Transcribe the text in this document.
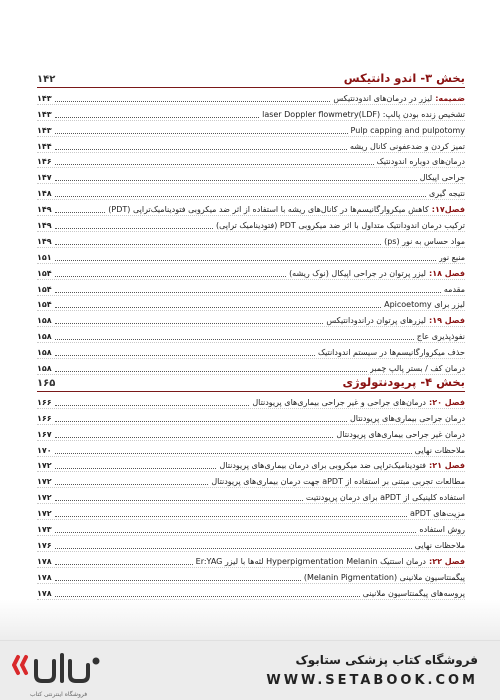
بخش ۳- اندو دانتیکس
۱۴۲
ضمیمه:
لیزر در درمان‌های اندودنتیکس
۱۴۳
تشخیص زنده بودن پالپ: (laser Doppler flowmetry(LDF
۱۴۳
Pulp capping and pulpotomy
۱۴۳
تمیز کردن و ضدعفونی کانال ریشه
۱۴۴
درمان‌های دوباره اندودنتیک
۱۴۶
جراحی اپیکال
۱۴۷
نتیجه گیری
۱۴۸
فصل۱۷:
کاهش میکروارگانیسم‌ها در کانال‌های ریشه با استفاده از اثر ضد میکروبی فتودینامیک‌تراپی (PDT)
۱۴۹
ترکیب درمان اندودانتیک متداول با اثر ضد میکروبی PDT (فتودینامیک تراپی)
۱۴۹
مواد حساس به نور (ps)
۱۴۹
منبع نور
۱۵۱
فصل ۱۸:
لیزر پرتوان در جراحی اپیکال (نوک ریشه)
۱۵۴
مقدمه
۱۵۴
لیزر برای Apicoetomy
۱۵۴
فصل ۱۹:
لیزرهای پرتوان دراندودانتیکس
۱۵۸
نفوذپذیری عاج
۱۵۸
حذف میکروارگانیسم‌ها در سیستم اندودانتیک
۱۵۸
درمان کف / بستر پالپ چمبر
۱۵۸
بخش ۴- پریودنتولوژی
۱۶۵
فصل ۲۰:
درمان‌های جراحی و غیر جراحی بیماری‌های پریودنتال
۱۶۶
درمان جراحی بیماری‌های پریودنتال
۱۶۶
درمان غیر جراحی بیماری‌های پریودنتال
۱۶۷
ملاحظات نهایی
۱۷۰
فصل ۲۱:
فتودینامیک‌تراپی ضد میکروبی برای درمان بیماری‌های پریودنتال
۱۷۲
مطالعات تجربی مبتنی بر استفاده از aPDT جهت درمان بیماری‌های پریودنتال
۱۷۲
استفاده کلینیکی از aPDT برای درمان پریودنتیت
۱۷۲
مزیت‌های aPDT
۱۷۲
روش استفاده
۱۷۳
ملاحظات نهایی
۱۷۶
فصل ۲۲:
درمان استتیک Hyperpigmentation Melanin لثه‌ها با لیزر Er:YAG
۱۷۸
پیگمنتاسیون ملانینی (Melanin Pigmentation)
۱۷۸
پروسه‌های پیگمنتاسیون ملانینی
۱۷۸
فروشگاه اینترنتی کتاب
فروشگاه کتاب پزشکی ستابوک
WWW.SETABOOK.COM
